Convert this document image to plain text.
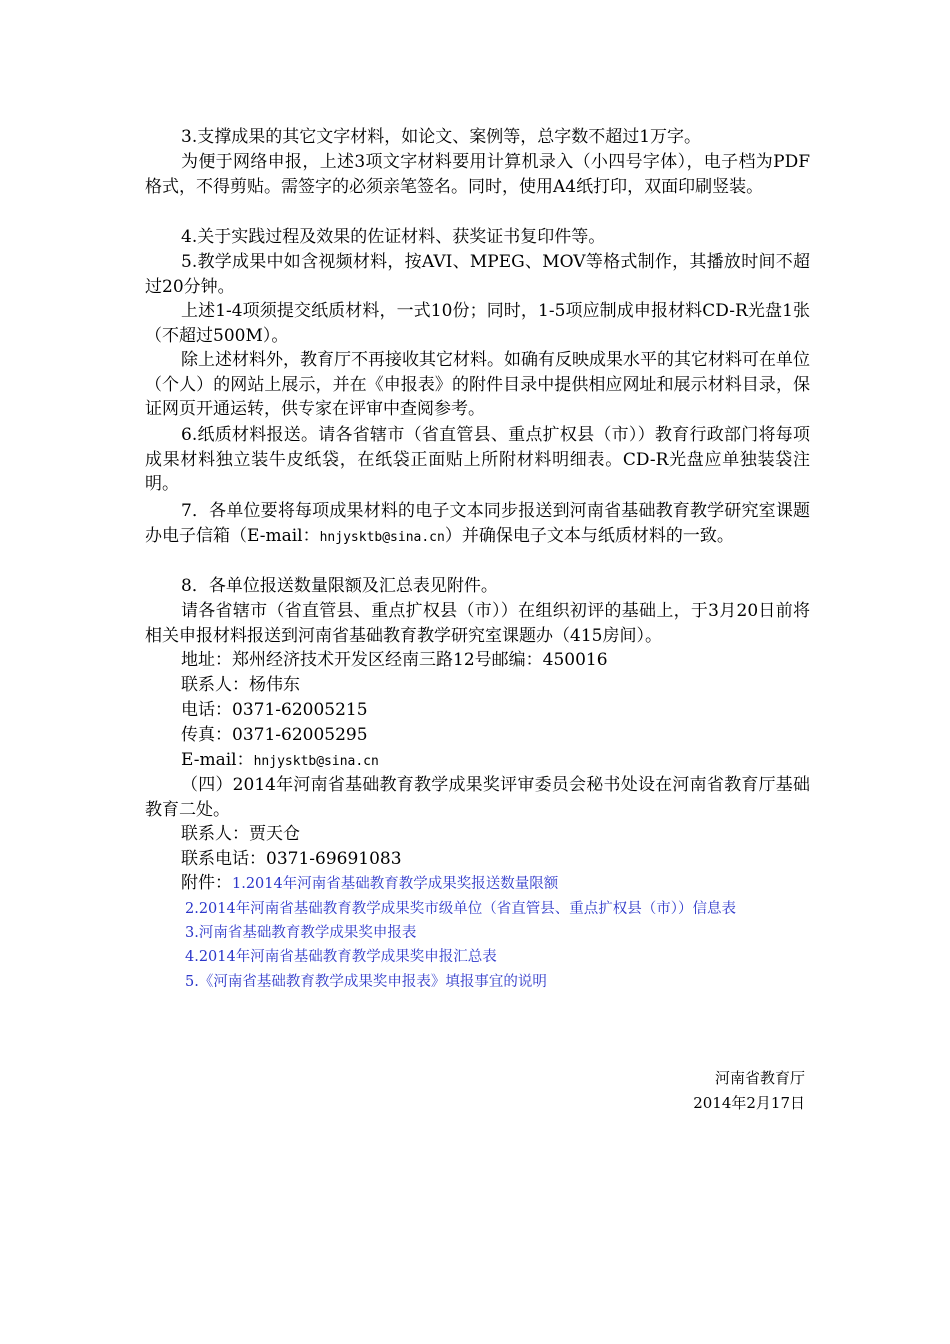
3.支撑成果的其它文字材料，如论文、案例等，总字数不超过1万字。

为便于网络申报，上述3项文字材料要用计算机录入（小四号字体），电子档为PDF格式，不得剪贴。需签字的必须亲笔签名。同时，使用A4纸打印，双面印刷竖装。

4.关于实践过程及效果的佐证材料、获奖证书复印件等。

5.教学成果中如含视频材料，按AVI、MPEG、MOV等格式制作，其播放时间不超过20分钟。

上述1-4项须提交纸质材料，一式10份；同时，1-5项应制成申报材料CD-R光盘1张（不超过500M）。

除上述材料外，教育厅不再接收其它材料。如确有反映成果水平的其它材料可在单位（个人）的网站上展示，并在《申报表》的附件目录中提供相应网址和展示材料目录，保证网页开通运转，供专家在评审中查阅参考。

6.纸质材料报送。请各省辖市（省直管县、重点扩权县（市））教育行政部门将每项成果材料独立装牛皮纸袋，在纸袋正面贴上所附材料明细表。CD-R光盘应单独装袋注明。

7．各单位要将每项成果材料的电子文本同步报送到河南省基础教育教学研究室课题办电子信箱（E-mail：hnjysktb@sina.cn）并确保电子文本与纸质材料的一致。

8．各单位报送数量限额及汇总表见附件。

请各省辖市（省直管县、重点扩权县（市））在组织初评的基础上，于3月20日前将相关申报材料报送到河南省基础教育教学研究室课题办（415房间）。

地址：郑州经济技术开发区经南三路12号邮编：450016

联系人：杨伟东

电话：0371-62005215

传真：0371-62005295

E-mail：hnjysktb@sina.cn

（四）2014年河南省基础教育教学成果奖评审委员会秘书处设在河南省教育厅基础教育二处。

联系人：贾天仓

联系电话：0371-69691083

附件：1.2014年河南省基础教育教学成果奖报送数量限额
2.2014年河南省基础教育教学成果奖市级单位（省直管县、重点扩权县（市））信息表
3.河南省基础教育教学成果奖申报表
4.2014年河南省基础教育教学成果奖申报汇总表
5.《河南省基础教育教学成果奖申报表》填报事宜的说明
河南省教育厅
2014年2月17日
